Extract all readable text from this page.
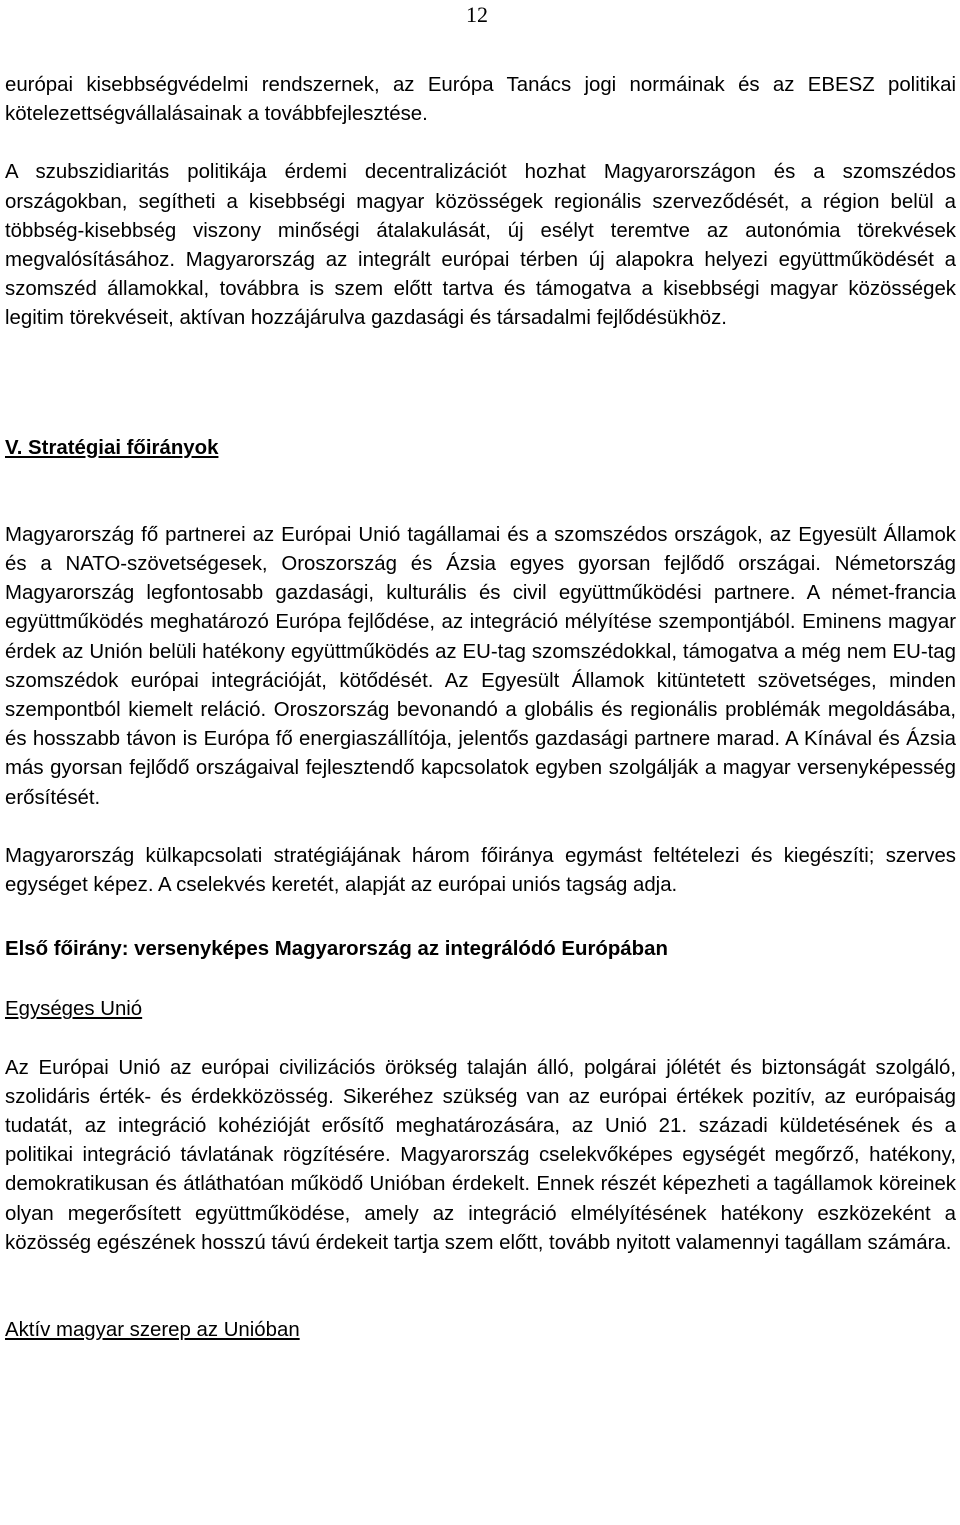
12

európai kisebbségvédelmi rendszernek, az Európa Tanács jogi normáinak és az EBESZ politikai kötelezettségvállalásainak a továbbfejlesztése.

A szubszidiaritás politikája érdemi decentralizációt hozhat Magyarországon és a szomszédos országokban, segítheti a kisebbségi magyar közösségek regionális szerveződését, a région belül a többség-kisebbség viszony minőségi átalakulását, új esélyt teremtve az autonómia törekvések megvalósításához. Magyarország az integrált európai térben új alapokra helyezi együttműködését a szomszéd államokkal, továbbra is szem előtt tartva és támogatva a kisebbségi magyar közösségek legitim törekvéseit, aktívan hozzájárulva gazdasági és társadalmi fejlődésükhöz.

V. Stratégiai főirányok

Magyarország fő partnerei az Európai Unió tagállamai és a szomszédos országok, az Egyesült Államok és a NATO-szövetségesek, Oroszország és Ázsia egyes gyorsan fejlődő országai. Németország Magyarország legfontosabb gazdasági, kulturális és civil együttműködési partnere. A német-francia együttműködés meghatározó Európa fejlődése, az integráció mélyítése szempontjából. Eminens magyar érdek az Unión belüli hatékony együttműködés az EU-tag szomszédokkal, támogatva a még nem EU-tag szomszédok európai integrációját, kötődését. Az Egyesült Államok kitüntetett szövetséges, minden szempontból kiemelt reláció. Oroszország bevonandó a globális és regionális problémák megoldásába, és hosszabb távon is Európa fő energiaszállítója, jelentős gazdasági partnere marad. A Kínával és Ázsia más gyorsan fejlődő országaival fejlesztendő kapcsolatok egyben szolgálják a magyar versenyképesség erősítését.

Magyarország külkapcsolati stratégiájának három főiránya egymást feltételezi és kiegészíti; szerves egységet képez. A cselekvés keretét, alapját az európai uniós tagság adja.

Első főirány: versenyképes Magyarország az integrálódó Európában

Egységes Unió

Az Európai Unió az európai civilizációs örökség talaján álló, polgárai jólétét és biztonságát szolgáló, szolidáris érték- és érdekközösség. Sikeréhez szükség van az európai értékek pozitív, az európaiság tudatát, az integráció kohézióját erősítő meghatározására, az Unió 21. századi küldetésének és a politikai integráció távlatának rögzítésére. Magyarország cselekvőképes egységét megőrző, hatékony, demokratikusan és átláthatóan működő Unióban érdekelt. Ennek részét képezheti a tagállamok köreinek olyan megerősített együttműködése, amely az integráció elmélyítésének hatékony eszközeként a közösség egészének hosszú távú érdekeit tartja szem előtt, tovább nyitott valamennyi tagállam számára.

Aktív magyar szerep az Unióban
